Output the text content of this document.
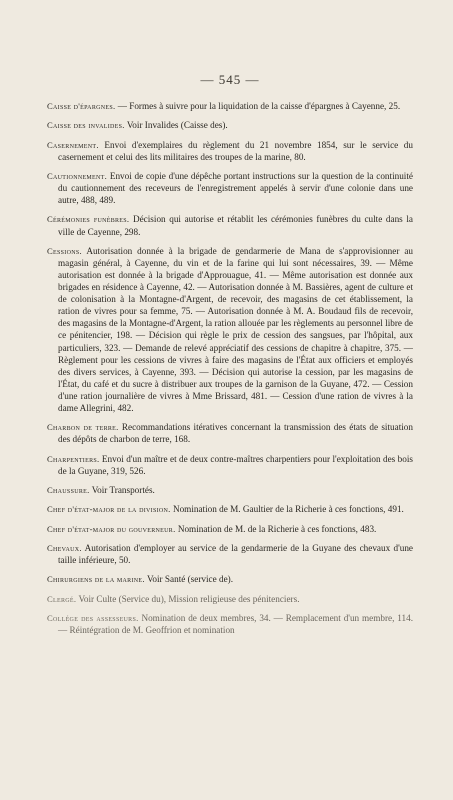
— 545 —

Caisse d'épargnes. — Formes à suivre pour la liquidation de la caisse d'épargnes à Cayenne, 25.

Caisse des invalides. Voir Invalides (Caisse des).

Casernement. Envoi d'exemplaires du règlement du 21 novembre 1854, sur le service du casernement et celui des lits militaires des troupes de la marine, 80.

Cautionnement. Envoi de copie d'une dépêche portant instructions sur la question de la continuité du cautionnement des receveurs de l'enregistrement appelés à servir d'une colonie dans une autre, 488, 489.

Cérémonies funèbres. Décision qui autorise et rétablit les cérémonies funèbres du culte dans la ville de Cayenne, 298.

Cessions. Autorisation donnée à la brigade de gendarmerie de Mana de s'approvisionner au magasin général, à Cayenne, du vin et de la farine qui lui sont nécessaires, 39. — Même autorisation est donnée à la brigade d'Approuague, 41. — Même autorisation est donnée aux brigades en résidence à Cayenne, 42. — Autorisation donnée à M. Bassières, agent de culture et de colonisation à la Montagne-d'Argent, de recevoir, des magasins de cet établissement, la ration de vivres pour sa femme, 75. — Autorisation donnée à M. A. Boudaud fils de recevoir, des magasins de la Montagne-d'Argent, la ration allouée par les règlements au personnel libre de ce pénitencier, 198. — Décision qui règle le prix de cession des sangsues, par l'hôpital, aux particuliers, 323. — Demande de relevé appréciatif des cessions de chapitre à chapitre, 375. — Règlement pour les cessions de vivres à faire des magasins de l'État aux officiers et employés des divers services, à Cayenne, 393. — Décision qui autorise la cession, par les magasins de l'État, du café et du sucre à distribuer aux troupes de la garnison de la Guyane, 472. — Cession d'une ration journalière de vivres à Mme Brissard, 481. — Cession d'une ration de vivres à la dame Allegrini, 482.

Charbon de terre. Recommandations itératives concernant la transmission des états de situation des dépôts de charbon de terre, 168.

Charpentiers. Envoi d'un maître et de deux contre-maîtres charpentiers pour l'exploitation des bois de la Guyane, 319, 526.

Chaussure. Voir Transportés.

Chef d'état-major de la division. Nomination de M. Gaultier de la Richerie à ces fonctions, 491.

Chef d'état-major du gouverneur. Nomination de M. de la Richerie à ces fonctions, 483.

Chevaux. Autorisation d'employer au service de la gendarmerie de la Guyane des chevaux d'une taille inférieure, 50.

Chirurgiens de la marine. Voir Santé (service de).

Clergé. Voir Culte (Service du), Mission religieuse des pénitenciers.

Collége des assesseurs. Nomination de deux membres, 34. — Remplacement d'un membre, 114. — Réintégration de M. Geoffrion et nomination
